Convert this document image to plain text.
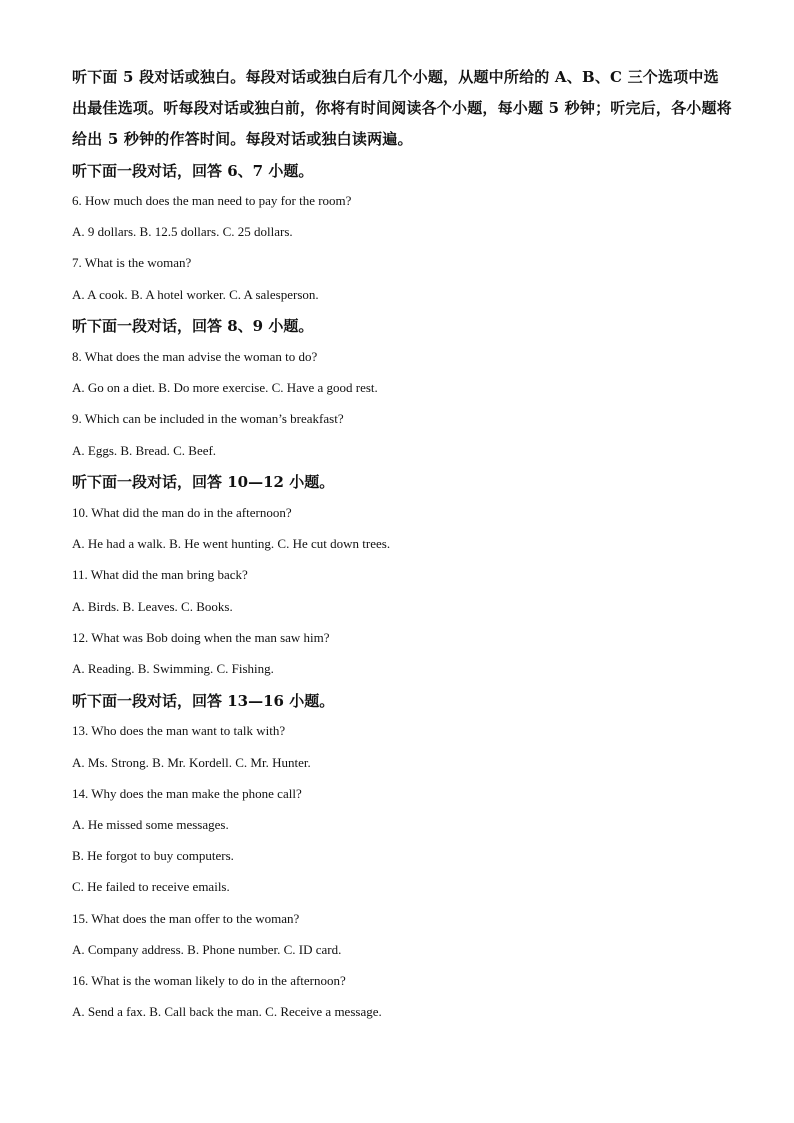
听下面 5 段对话或独白。每段对话或独白后有几个小题，从题中所给的 A、B、C 三个选项中选出最佳选项。听每段对话或独白前，你将有时间阅读各个小题，每小题 5 秒钟；听完后，各小题将给出 5 秒钟的作答时间。每段对话或独白读两遍。
听下面一段对话，回答 6、7 小题。
6. How much does the man need to pay for the room?
A. 9 dollars. B. 12.5 dollars. C. 25 dollars.
7. What is the woman?
A. A cook. B. A hotel worker. C. A salesperson.
听下面一段对话，回答 8、9 小题。
8. What does the man advise the woman to do?
A. Go on a diet. B. Do more exercise. C. Have a good rest.
9. Which can be included in the woman’s breakfast?
A. Eggs. B. Bread. C. Beef.
听下面一段对话，回答 10—12 小题。
10. What did the man do in the afternoon?
A. He had a walk. B. He went hunting. C. He cut down trees.
11. What did the man bring back?
A. Birds. B. Leaves. C. Books.
12. What was Bob doing when the man saw him?
A. Reading. B. Swimming. C. Fishing.
听下面一段对话，回答 13—16 小题。
13. Who does the man want to talk with?
A. Ms. Strong. B. Mr. Kordell. C. Mr. Hunter.
14. Why does the man make the phone call?
A. He missed some messages.
B. He forgot to buy computers.
C. He failed to receive emails.
15. What does the man offer to the woman?
A. Company address. B. Phone number. C. ID card.
16. What is the woman likely to do in the afternoon?
A. Send a fax. B. Call back the man. C. Receive a message.
